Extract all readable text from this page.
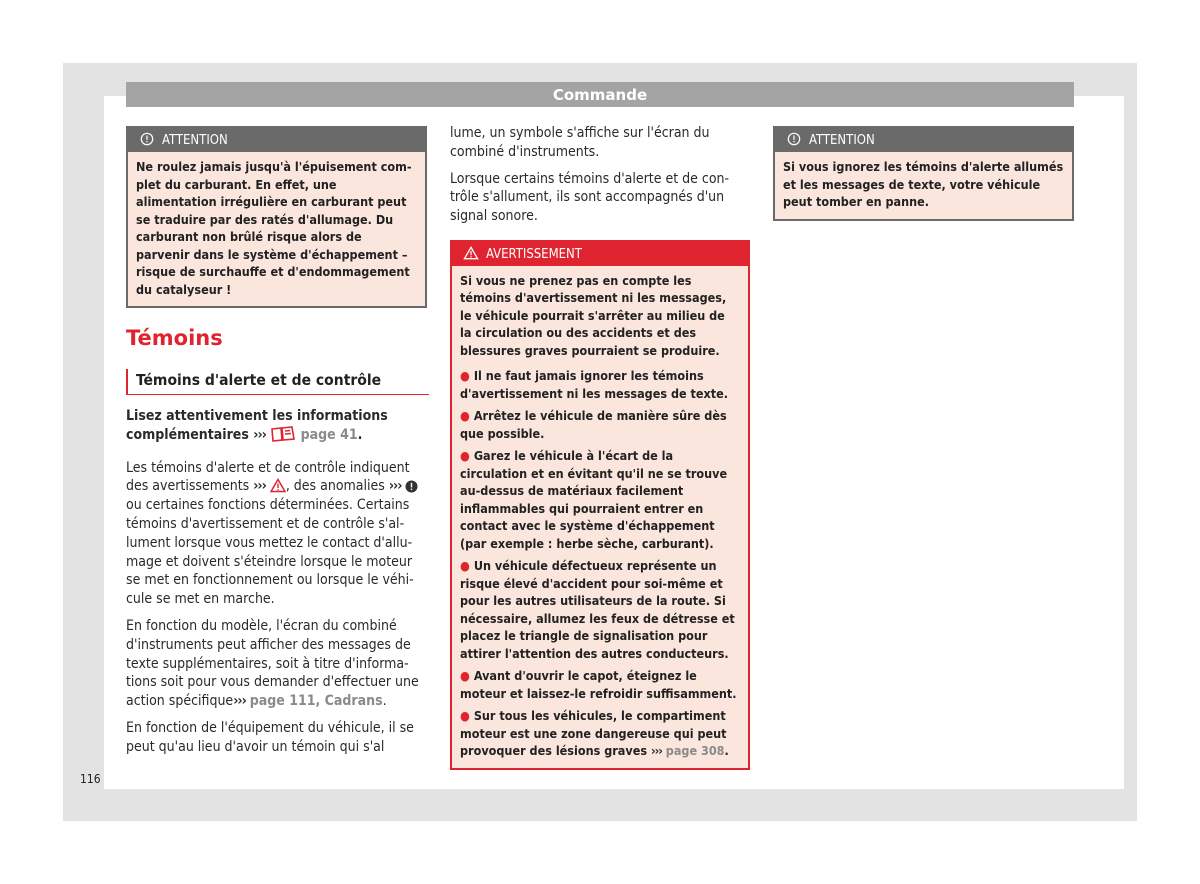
Commande
ATTENTION
Ne roulez jamais jusqu'à l'épuisement complet du carburant. En effet, une alimentation irrégulière en carburant peut se traduire par des ratés d'allumage. Du carburant non brûlé risque alors de parvenir dans le système d'échappement – risque de surchauffe et d'endommagement du catalyseur !
Témoins
Témoins d'alerte et de contrôle

Lisez attentivement les informations complémentaires ››› page 41.

Les témoins d'alerte et de contrôle indiquent des avertissements ››› , des anomalies ›››  ou certaines fonctions déterminées. Certains témoins d'avertissement et de contrôle s'allument lorsque vous mettez le contact d'allumage et doivent s'éteindre lorsque le moteur se met en fonctionnement ou lorsque le véhicule se met en marche.

En fonction du modèle, l'écran du combiné d'instruments peut afficher des messages de texte supplémentaires, soit à titre d'informations soit pour vous demander d'effectuer une action spécifique››› page 111, Cadrans.

En fonction de l'équipement du véhicule, il se peut qu'au lieu d'avoir un témoin qui s'al

lume, un symbole s'affiche sur l'écran du combiné d'instruments.

Lorsque certains témoins d'alerte et de contrôle s'allument, ils sont accompagnés d'un signal sonore.

AVERTISSEMENT

Si vous ne prenez pas en compte les témoins d'avertissement ni les messages, le véhicule pourrait s'arrêter au milieu de la circulation ou des accidents et des blessures graves pourraient se produire.

● Il ne faut jamais ignorer les témoins d'avertissement ni les messages de texte.
● Arrêtez le véhicule de manière sûre dès que possible.
● Garez le véhicule à l'écart de la circulation et en évitant qu'il ne se trouve au-dessus de matériaux facilement inflammables qui pourraient entrer en contact avec le système d'échappement (par exemple : herbe sèche, carburant).
● Un véhicule défectueux représente un risque élevé d'accident pour soi-même et pour les autres utilisateurs de la route. Si nécessaire, allumez les feux de détresse et placez le triangle de signalisation pour attirer l'attention des autres conducteurs.
● Avant d'ouvrir le capot, éteignez le moteur et laissez-le refroidir suffisamment.
● Sur tous les véhicules, le compartiment moteur est une zone dangereuse qui peut provoquer des lésions graves ››› page 308.
ATTENTION
Si vous ignorez les témoins d'alerte allumés et les messages de texte, votre véhicule peut tomber en panne.
116
